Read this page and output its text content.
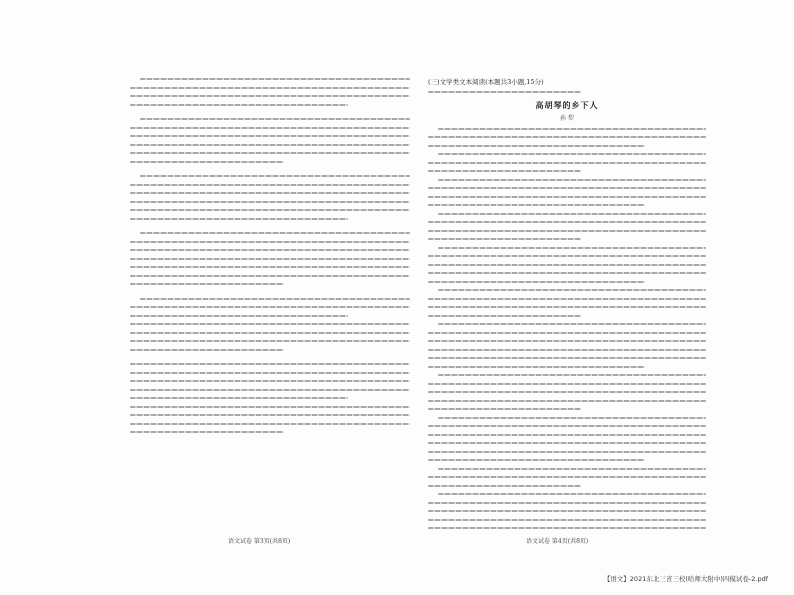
(三)文学类文本阅读(本题共3小题,15分)
高胡琴的乡下人
孙 犁
语文试卷 第3页(共8页)	语文试卷 第4页(共8页)
【语文】2021东北三省三校(哈师大附中)四模试卷-2.pdf
